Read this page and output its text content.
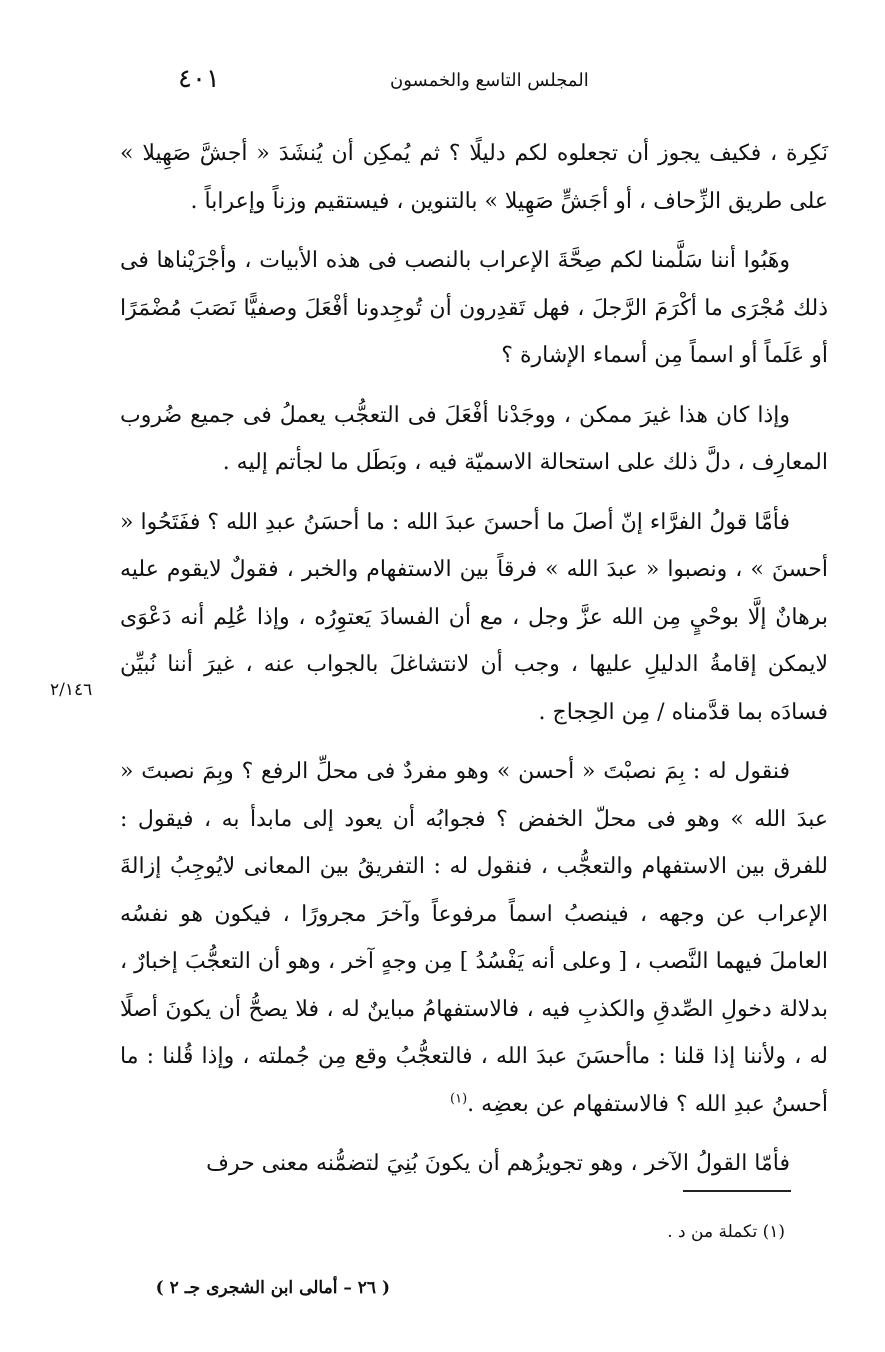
٤٠١	المجلس التاسع والخمسون

نَكِرة ، فكيف يجوز أن تجعلوه لكم دليلًا ؟ ثم يُمكِن أن يُنشَدَ « أجشَّ صَهِيلا » على طريق الزِّحاف ، أو أجَشٍّ صَهِيلا » بالتنوين ، فيستقيم وزناً وإعراباً .

وهَبُوا أننا سَلَّمنا لكم صِحَّةَ الإعراب بالنصب فى هذه الأبيات ، وأجْرَيْناها فى ذلك مُجْرَى ما أكْرَمَ الرَّجلَ ، فهل تَقدِرون أن تُوجِدونا أفْعَلَ وصفيًّا نَصَبَ مُضْمَرًا أو عَلَماً أو اسماً مِن أسماء الإشارة ؟

وإذا كان هذا غيرَ ممكن ، ووجَدْنا أفْعَلَ فى التعجُّب يعملُ فى جميع ضُروب المعارِف ، دلَّ ذلك على استحالة الاسميّة فيه ، وبَطَل ما لجأتم إليه .

فأمَّا قولُ الفرَّاء إنّ أصلَ ما أحسنَ عبدَ الله : ما أحسَنُ عبدِ الله ؟ ففَتَحُوا « أحسنَ » ، ونصبوا « عبدَ الله » فرقاً بين الاستفهام والخبر ، فقولٌ لايقوم عليه برهانٌ إلَّا بوحْيٍ مِن الله عزَّ وجل ، مع أن الفسادَ يَعتوِرُه ، وإذا عُلِم أنه دَعْوَى لايمكن إقامةُ الدليلِ عليها ، وجب أن لانتشاغلَ بالجواب عنه ، غيرَ أننا نُبيِّن فسادَه بما قدَّمناه / مِن الحِجاج .

فنقول له : بِمَ نصبْتَ « أحسن » وهو مفردٌ فى محلِّ الرفع ؟ وبِمَ نصبتَ « عبدَ الله » وهو فى محلّ الخفض ؟ فجوابُه أن يعود إلى مابدأ به ، فيقول : للفرق بين الاستفهام والتعجُّب ، فنقول له : التفريقُ بين المعانى لايُوجِبُ إزالةَ الإعراب عن وجهه ، فينصبُ اسماً مرفوعاً وآخرَ مجرورًا ، فيكون هو نفسُه العاملَ فيهما النَّصب ، [ وعلى أنه يَفْسُدُ ] مِن وجهٍ آخر ، وهو أن التعجُّبَ إخبارٌ ، بدلالة دخولِ الصِّدقِ والكذبِ فيه ، فالاستفهامُ مباينٌ له ، فلا يصحُّ أن يكونَ أصلًا له ، ولأننا إذا قلنا : ماأحسَنَ عبدَ الله ، فالتعجُّبُ وقع مِن جُملته ، وإذا قُلنا : ما أحسنُ عبدِ الله ؟ فالاستفهام عن بعضِه .$^{(١)}$

فأمّا القولُ الآخر ، وهو تجويزُهم أن يكونَ بُنِيَ لتضمُّنه معنى حرف

٢/١٤٦
(١) تكملة من د .
( ٢٦ – أمالى ابن الشجرى جـ ٢ )
